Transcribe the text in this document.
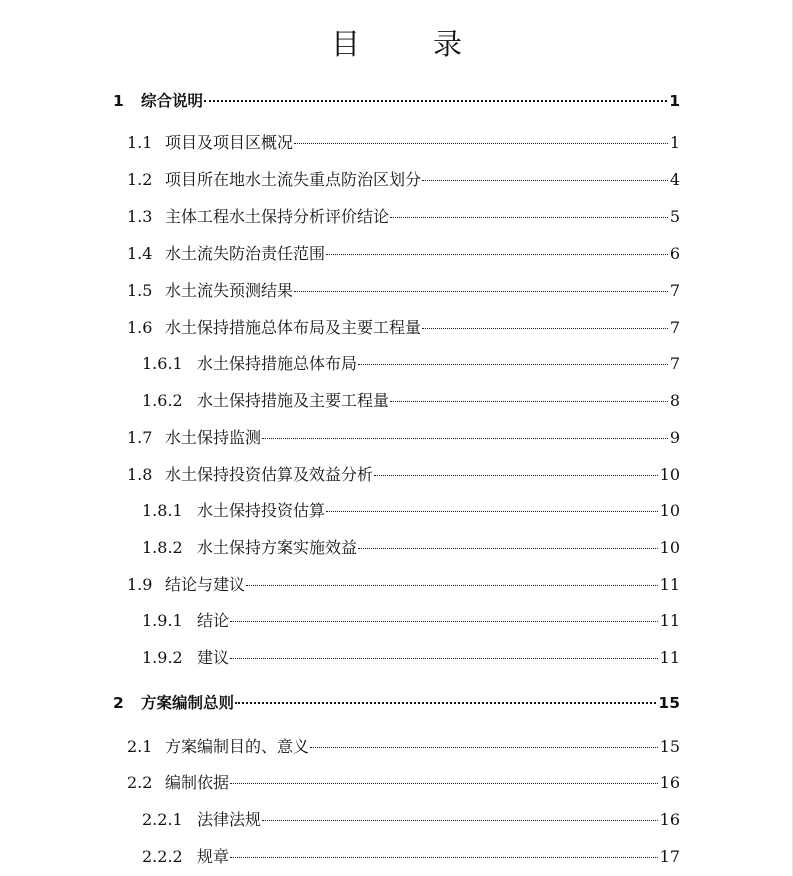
目　录
1	综合说明	1
1.1 项目及项目区概况	1
1.2 项目所在地水土流失重点防治区划分	4
1.3 主体工程水土保持分析评价结论	5
1.4 水土流失防治责任范围	6
1.5 水土流失预测结果	7
1.6 水土保持措施总体布局及主要工程量	7
1.6.1 水土保持措施总体布局	7
1.6.2 水土保持措施及主要工程量	8
1.7 水土保持监测	9
1.8 水土保持投资估算及效益分析	10
1.8.1 水土保持投资估算	10
1.8.2 水土保持方案实施效益	10
1.9 结论与建议	11
1.9.1 结论	11
1.9.2 建议	11
2	方案编制总则	15
2.1 方案编制目的、意义	15
2.2 编制依据	16
2.2.1 法律法规	16
2.2.2 规章	17
